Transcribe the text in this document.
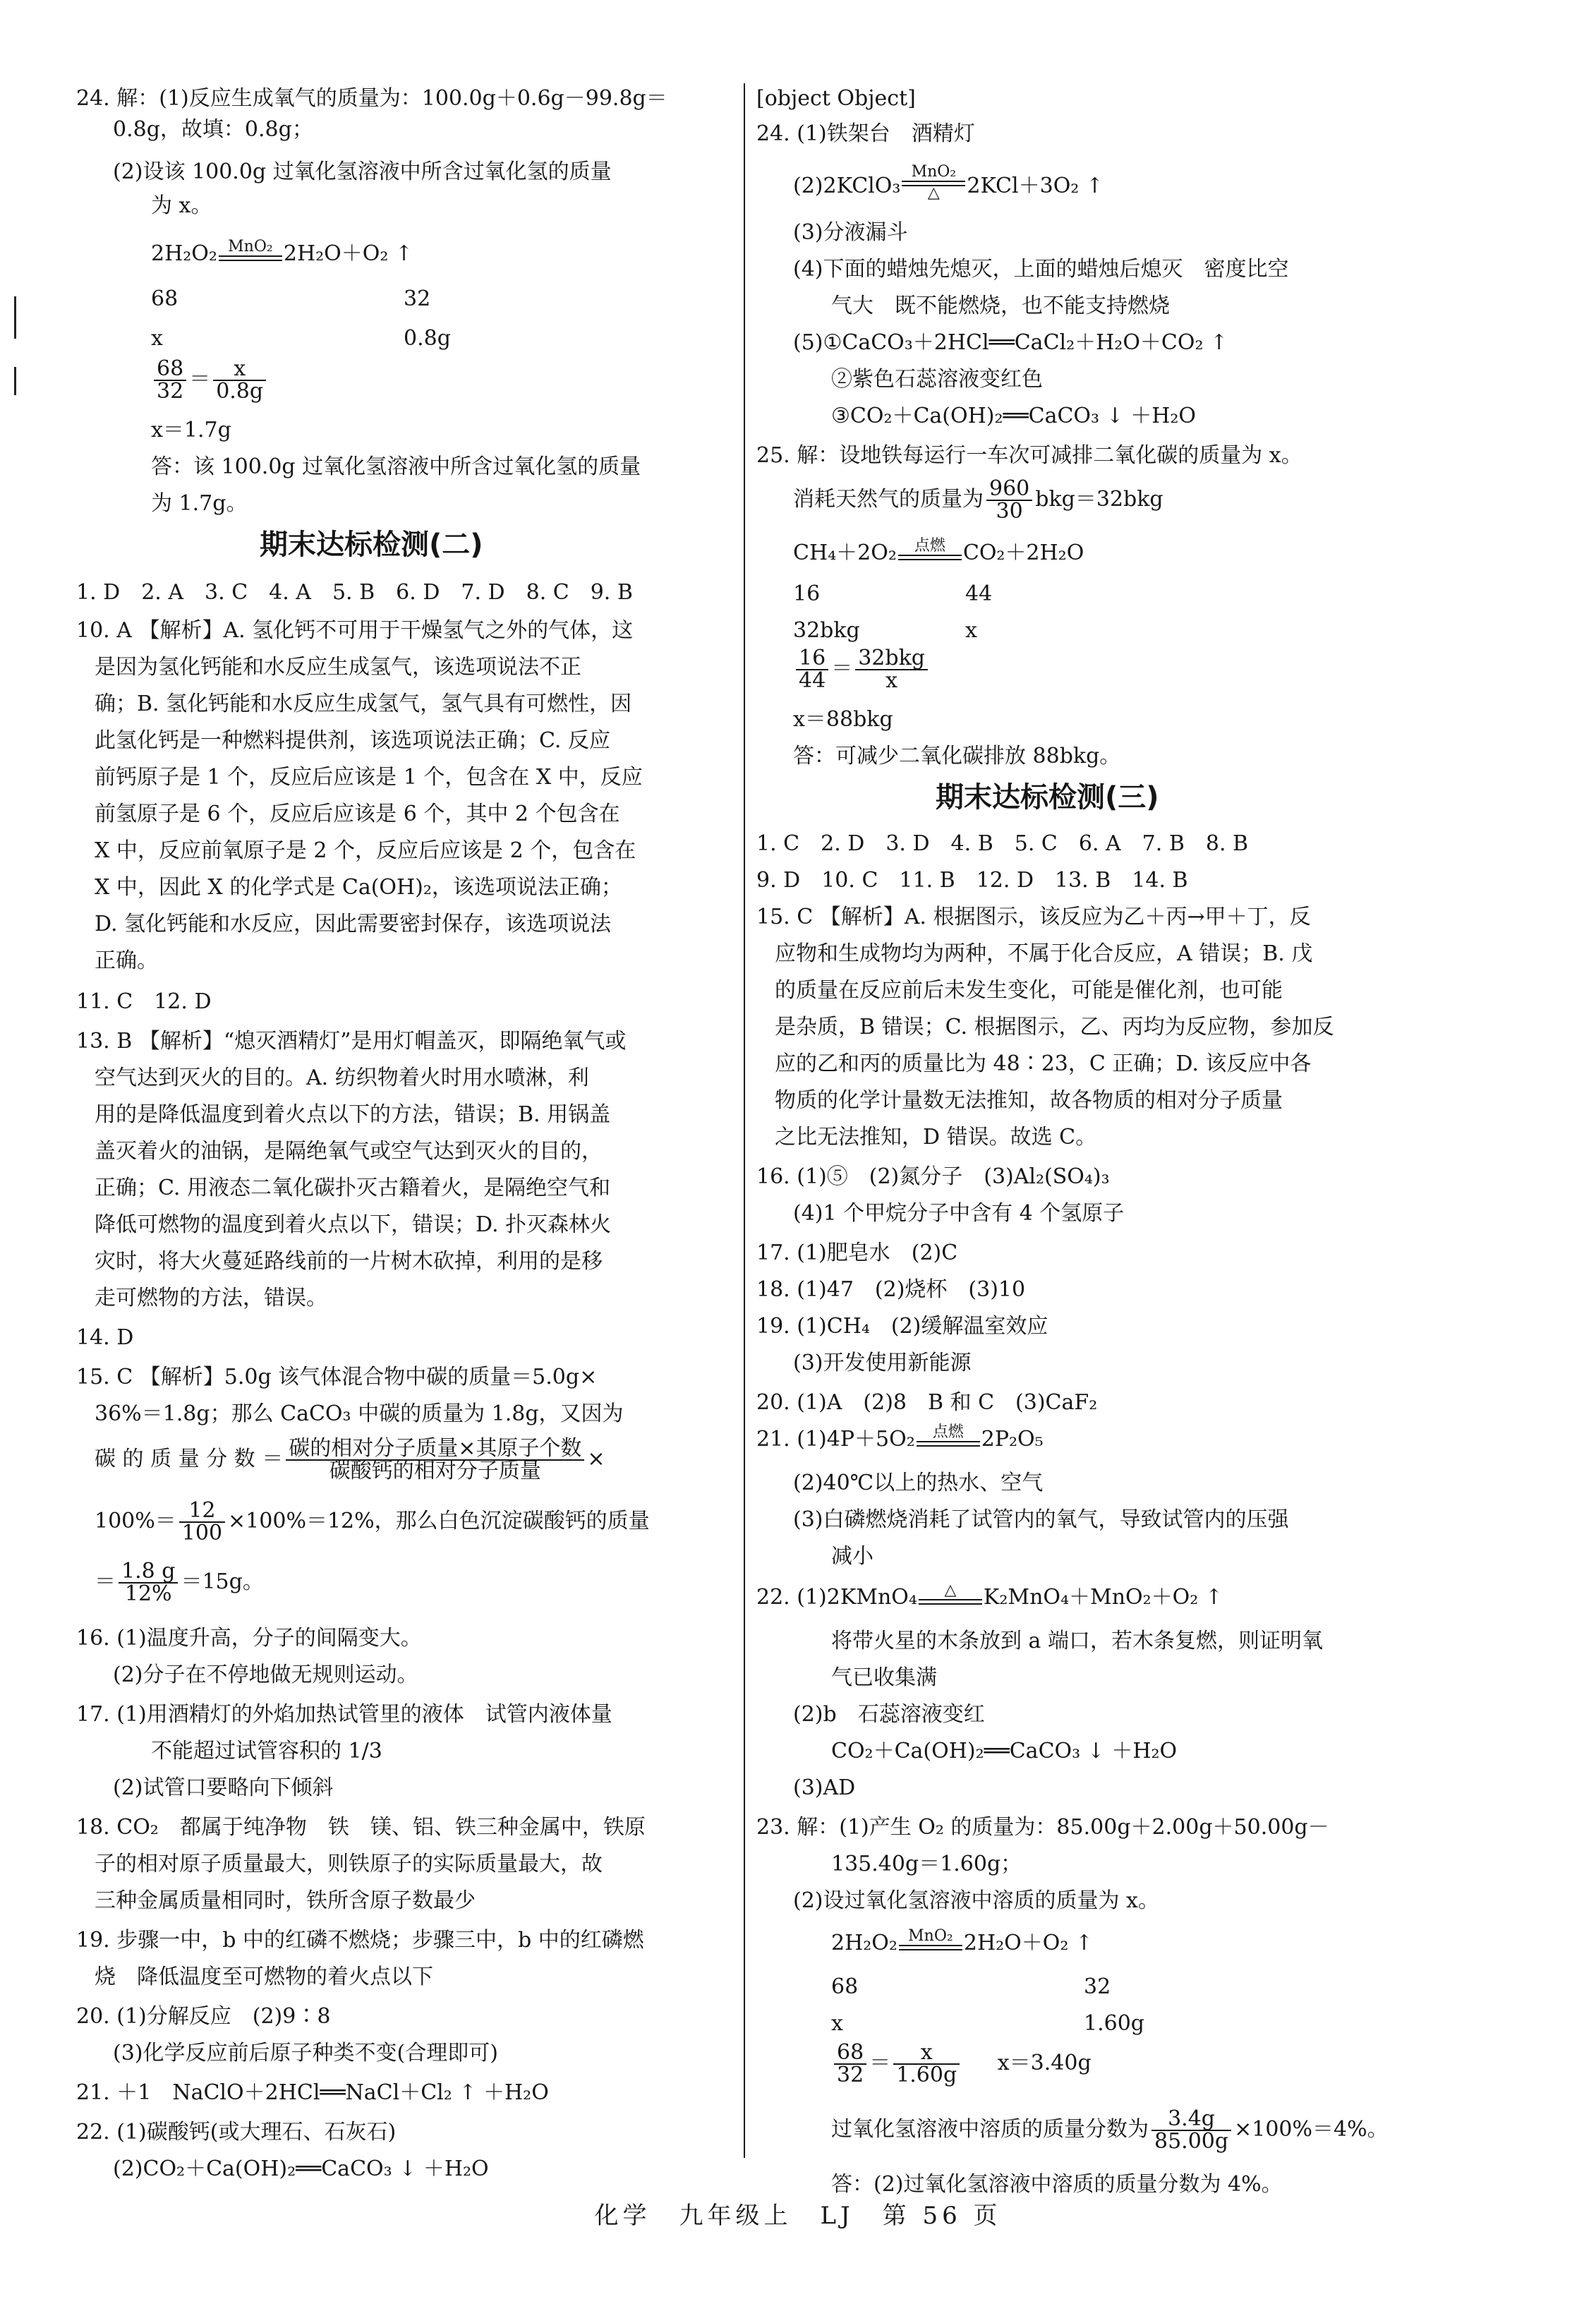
24. 解：(1)反应生成氧气的质量为：100.0g＋0.6g－99.8g＝
0.8g，故填：0.8g；
(2)设该 100.0g 过氧化氢溶液中所含过氧化氢的质量
为 x。
2H₂O₂ MnO₂ 2H₂O＋O₂ ↑
68	32
x	0.8g
$\frac{68}{32} = \frac{x}{0.8g}$
x＝1.7g
答：该 100.0g 过氧化氢溶液中所含过氧化氢的质量
为 1.7g。
期末达标检测(二)
1. D　2. A　3. C　4. A　5. B　6. D　7. D　8. C　9. B
10. A 【解析】A. 氢化钙不可用于干燥氢气之外的气体，这
是因为氢化钙能和水反应生成氢气，该选项说法不正
确；B. 氢化钙能和水反应生成氢气，氢气具有可燃性，因
此氢化钙是一种燃料提供剂，该选项说法正确；C. 反应
前钙原子是 1 个，反应后应该是 1 个，包含在 X 中，反应
前氢原子是 6 个，反应后应该是 6 个，其中 2 个包含在
X 中，反应前氧原子是 2 个，反应后应该是 2 个，包含在
X 中，因此 X 的化学式是 Ca(OH)₂，该选项说法正确；
D. 氢化钙能和水反应，因此需要密封保存，该选项说法
正确。
11. C　12. D
13. B 【解析】“熄灭酒精灯”是用灯帽盖灭，即隔绝氧气或
空气达到灭火的目的。A. 纺织物着火时用水喷淋，利
用的是降低温度到着火点以下的方法，错误；B. 用锅盖
盖灭着火的油锅，是隔绝氧气或空气达到灭火的目的，
正确；C. 用液态二氧化碳扑灭古籍着火，是隔绝空气和
降低可燃物的温度到着火点以下，错误；D. 扑灭森林火
灾时，将大火蔓延路线前的一片树木砍掉，利用的是移
走可燃物的方法，错误。
14. D
15. C 【解析】5.0g 该气体混合物中碳的质量＝5.0g×
36%＝1.8g；那么 CaCO₃ 中碳的质量为 1.8g，又因为
碳 的 质 量 分 数 ＝ $\frac{\text{碳的相对分子质量×其原子个数}}{\text{碳酸钙的相对分子质量}}$ ×
$100\%= \frac{12}{100} \times 100\%=12\%$，那么白色沉淀碳酸钙的质量
＝ $\frac{1.8 g}{12\%} =15g$。
16. (1)温度升高，分子的间隔变大。
(2)分子在不停地做无规则运动。
17. (1)用酒精灯的外焰加热试管里的液体　试管内液体量
不能超过试管容积的 1/3
(2)试管口要略向下倾斜
18. CO₂　都属于纯净物　铁　镁、铝、铁三种金属中，铁原
子的相对原子质量最大，则铁原子的实际质量最大，故
三种金属质量相同时，铁所含原子数最少
19. 步骤一中，b 中的红磷不燃烧；步骤三中，b 中的红磷燃
烧　降低温度至可燃物的着火点以下
20. (1)分解反应　(2)9∶8
(3)化学反应前后原子种类不变(合理即可)
21. ＋1　NaClO＋2HCl══NaCl＋Cl₂ ↑ ＋H₂O
22. (1)碳酸钙(或大理石、石灰石)
(2)CO₂＋Ca(OH)₂══CaCO₃ ↓ ＋H₂O
[object Object]
24. (1)铁架台　酒精灯
(2)2KClO₃
MnO₂
△	2KCl＋3O₂ ↑
(3)分液漏斗
(4)下面的蜡烛先熄灭，上面的蜡烛后熄灭　密度比空
气大　既不能燃烧，也不能支持燃烧
(5)①CaCO₃＋2HCl══CaCl₂＋H₂O＋CO₂ ↑
②紫色石蕊溶液变红色
③CO₂＋Ca(OH)₂══CaCO₃ ↓ ＋H₂O
25. 解：设地铁每运行一车次可减排二氧化碳的质量为 x。
消耗天然气的质量为 $\frac{960}{30} bkg=32bkg$
CH₄＋2O₂	点燃 CO₂＋2H₂O
16	44
32bkg	x
$\frac{16}{44} = \frac{\text{32bkg}}{x}$
x＝88bkg
答：可减少二氧化碳排放 88bkg。
期末达标检测(三)
1. C　2. D　3. D　4. B　5. C　6. A　7. B　8. B
9. D　10. C　11. B　12. D　13. B　14. B
15. C 【解析】A. 根据图示，该反应为乙＋丙→甲＋丁，反
应物和生成物均为两种，不属于化合反应，A 错误；B. 戊
的质量在反应前后未发生变化，可能是催化剂，也可能
是杂质，B 错误；C. 根据图示，乙、丙均为反应物，参加反
应的乙和丙的质量比为 48∶23，C 正确；D. 该反应中各
物质的化学计量数无法推知，故各物质的相对分子质量
之比无法推知，D 错误。故选 C。
16. (1)⑤　(2)氮分子　(3)Al₂(SO₄)₃
(4)1 个甲烷分子中含有 4 个氢原子
17. (1)肥皂水　(2)C
18. (1)47　(2)烧杯　(3)10
19. (1)CH₄　(2)缓解温室效应
(3)开发使用新能源
20. (1)A　(2)8　B 和 C　(3)CaF₂
21. (1)4P＋5O₂	点燃 2P₂O₅
(2)40℃以上的热水、空气
(3)白磷燃烧消耗了试管内的氧气，导致试管内的压强
减小
22. (1)2KMnO₄	△	K₂MnO₄＋MnO₂＋O₂ ↑
将带火星的木条放到 a 端口，若木条复燃，则证明氧
气已收集满
(2)b　石蕊溶液变红
CO₂＋Ca(OH)₂══CaCO₃ ↓ ＋H₂O
(3)AD
23. 解：(1)产生 O₂ 的质量为：85.00g＋2.00g＋50.00g－
135.40g＝1.60g；
(2)设过氧化氢溶液中溶质的质量为 x。
2H₂O₂ MnO₂ 2H₂O＋O₂ ↑
68	32
x	1.60g
$\frac{68}{32} = \frac{x}{1.60g} x=3.40g$
过氧化氢溶液中溶质的质量分数为 $\frac{3.4g}{85.00g} \times 100\%=4\%$。
答：(2)过氧化氢溶液中溶质的质量分数为 4%。
化学　九年级上　LJ　第 56 页
